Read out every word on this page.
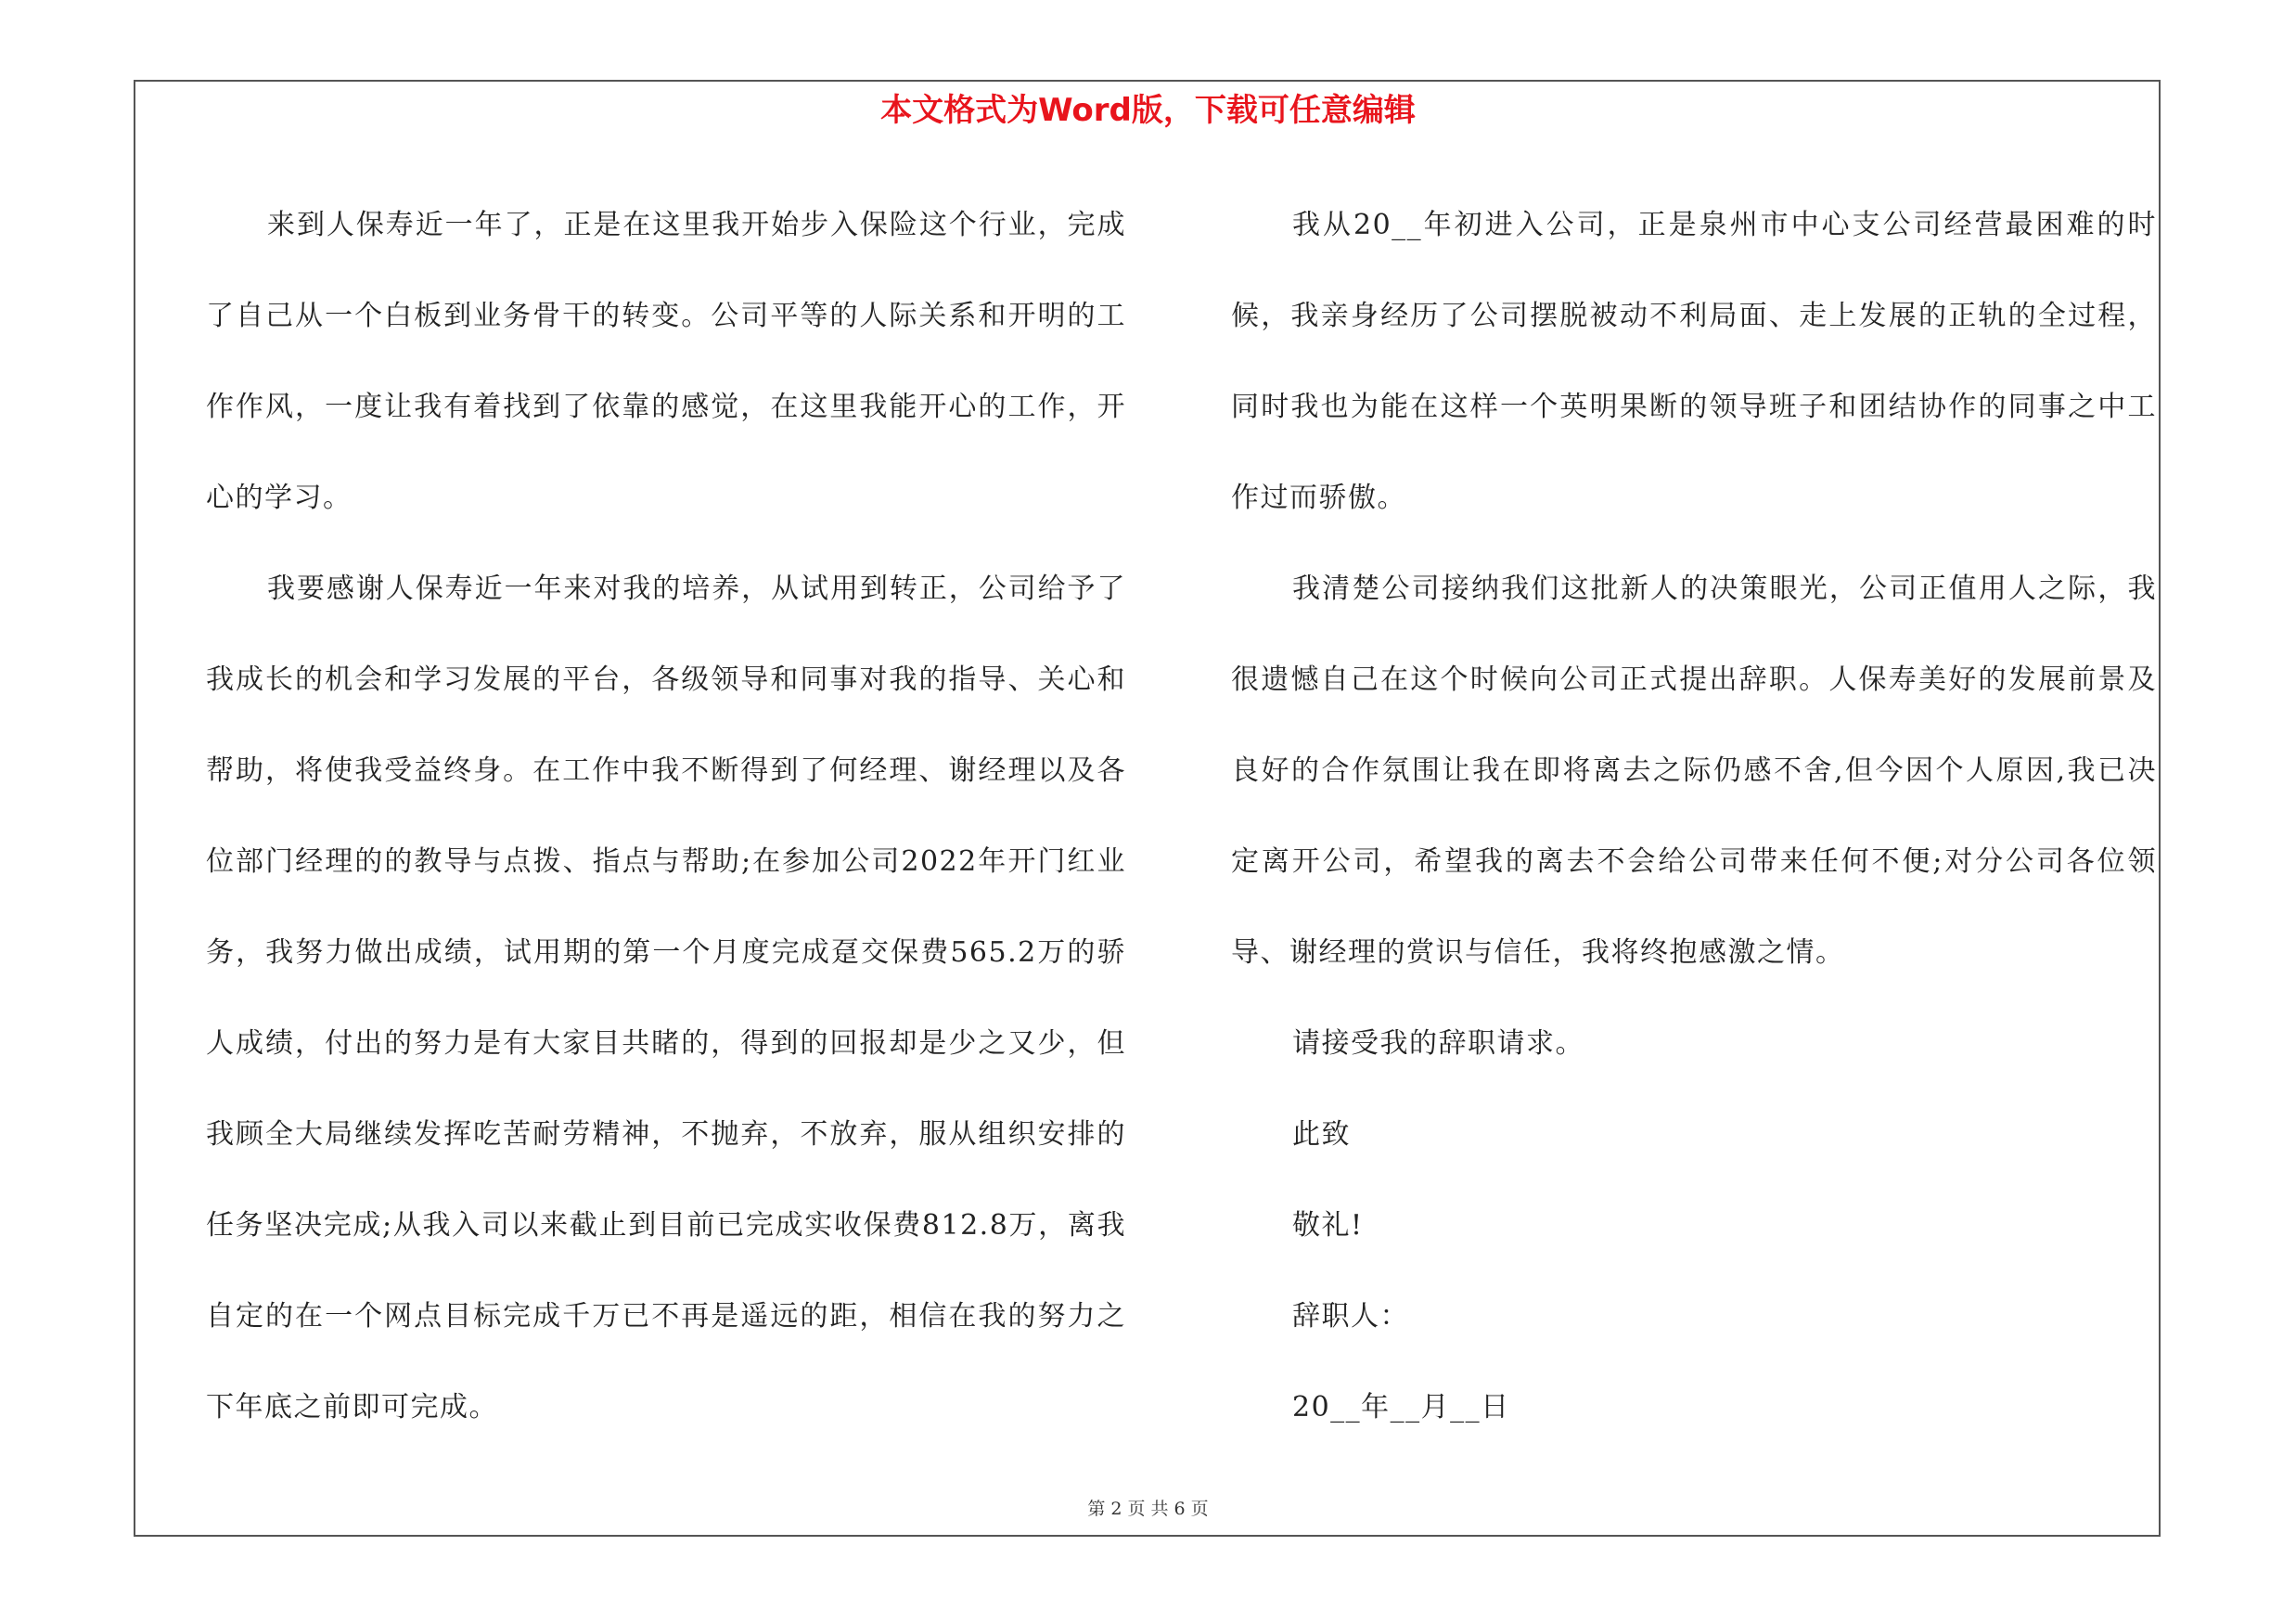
本文格式为Word版，下载可任意编辑

来到人保寿近一年了，正是在这里我开始步入保险这个行业，完成了自己从一个白板到业务骨干的转变。公司平等的人际关系和开明的工作作风，一度让我有着找到了依靠的感觉，在这里我能开心的工作，开心的学习。

我要感谢人保寿近一年来对我的培养，从试用到转正，公司给予了我成长的机会和学习发展的平台，各级领导和同事对我的指导、关心和帮助，将使我受益终身。在工作中我不断得到了何经理、谢经理以及各位部门经理的的教导与点拨、指点与帮助;在参加公司2022年开门红业务，我努力做出成绩，试用期的第一个月度完成趸交保费565.2万的骄人成绩，付出的努力是有大家目共睹的，得到的回报却是少之又少，但我顾全大局继续发挥吃苦耐劳精神，不抛弃，不放弃，服从组织安排的任务坚决完成;从我入司以来截止到目前已完成实收保费812.8万，离我自定的在一个网点目标完成千万已不再是遥远的距，相信在我的努力之下年底之前即可完成。

我从20__年初进入公司，正是泉州市中心支公司经营最困难的时候，我亲身经历了公司摆脱被动不利局面、走上发展的正轨的全过程，同时我也为能在这样一个英明果断的领导班子和团结协作的同事之中工作过而骄傲。

我清楚公司接纳我们这批新人的决策眼光，公司正值用人之际，我很遗憾自己在这个时候向公司正式提出辞职。人保寿美好的发展前景及良好的合作氛围让我在即将离去之际仍感不舍,但今因个人原因,我已决定离开公司，希望我的离去不会给公司带来任何不便;对分公司各位领导、谢经理的赏识与信任，我将终抱感激之情。

请接受我的辞职请求。

此致

敬礼!

辞职人：

20__年__月__日

第 2 页 共 6 页
